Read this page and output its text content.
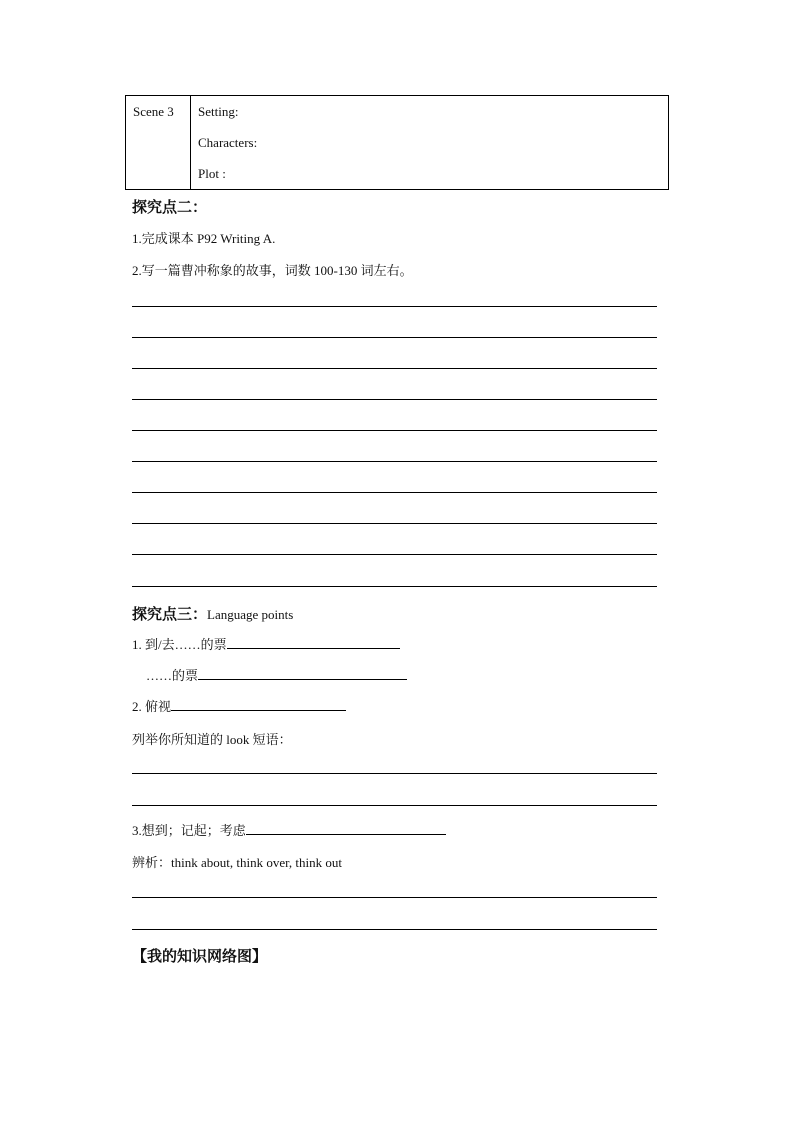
Scene 3 Setting:
Characters:
Plot :
探究点二：
1.完成课本 P92 Writing A.
2.写一篇曹冲称象的故事，词数 100-130 词左右。
探究点三：Language points
1. 到/去……的票
……的票
2. 俯视
列举你所知道的 look 短语：
3.想到；记起；考虑
辨析：think about, think over, think out
【我的知识网络图】
